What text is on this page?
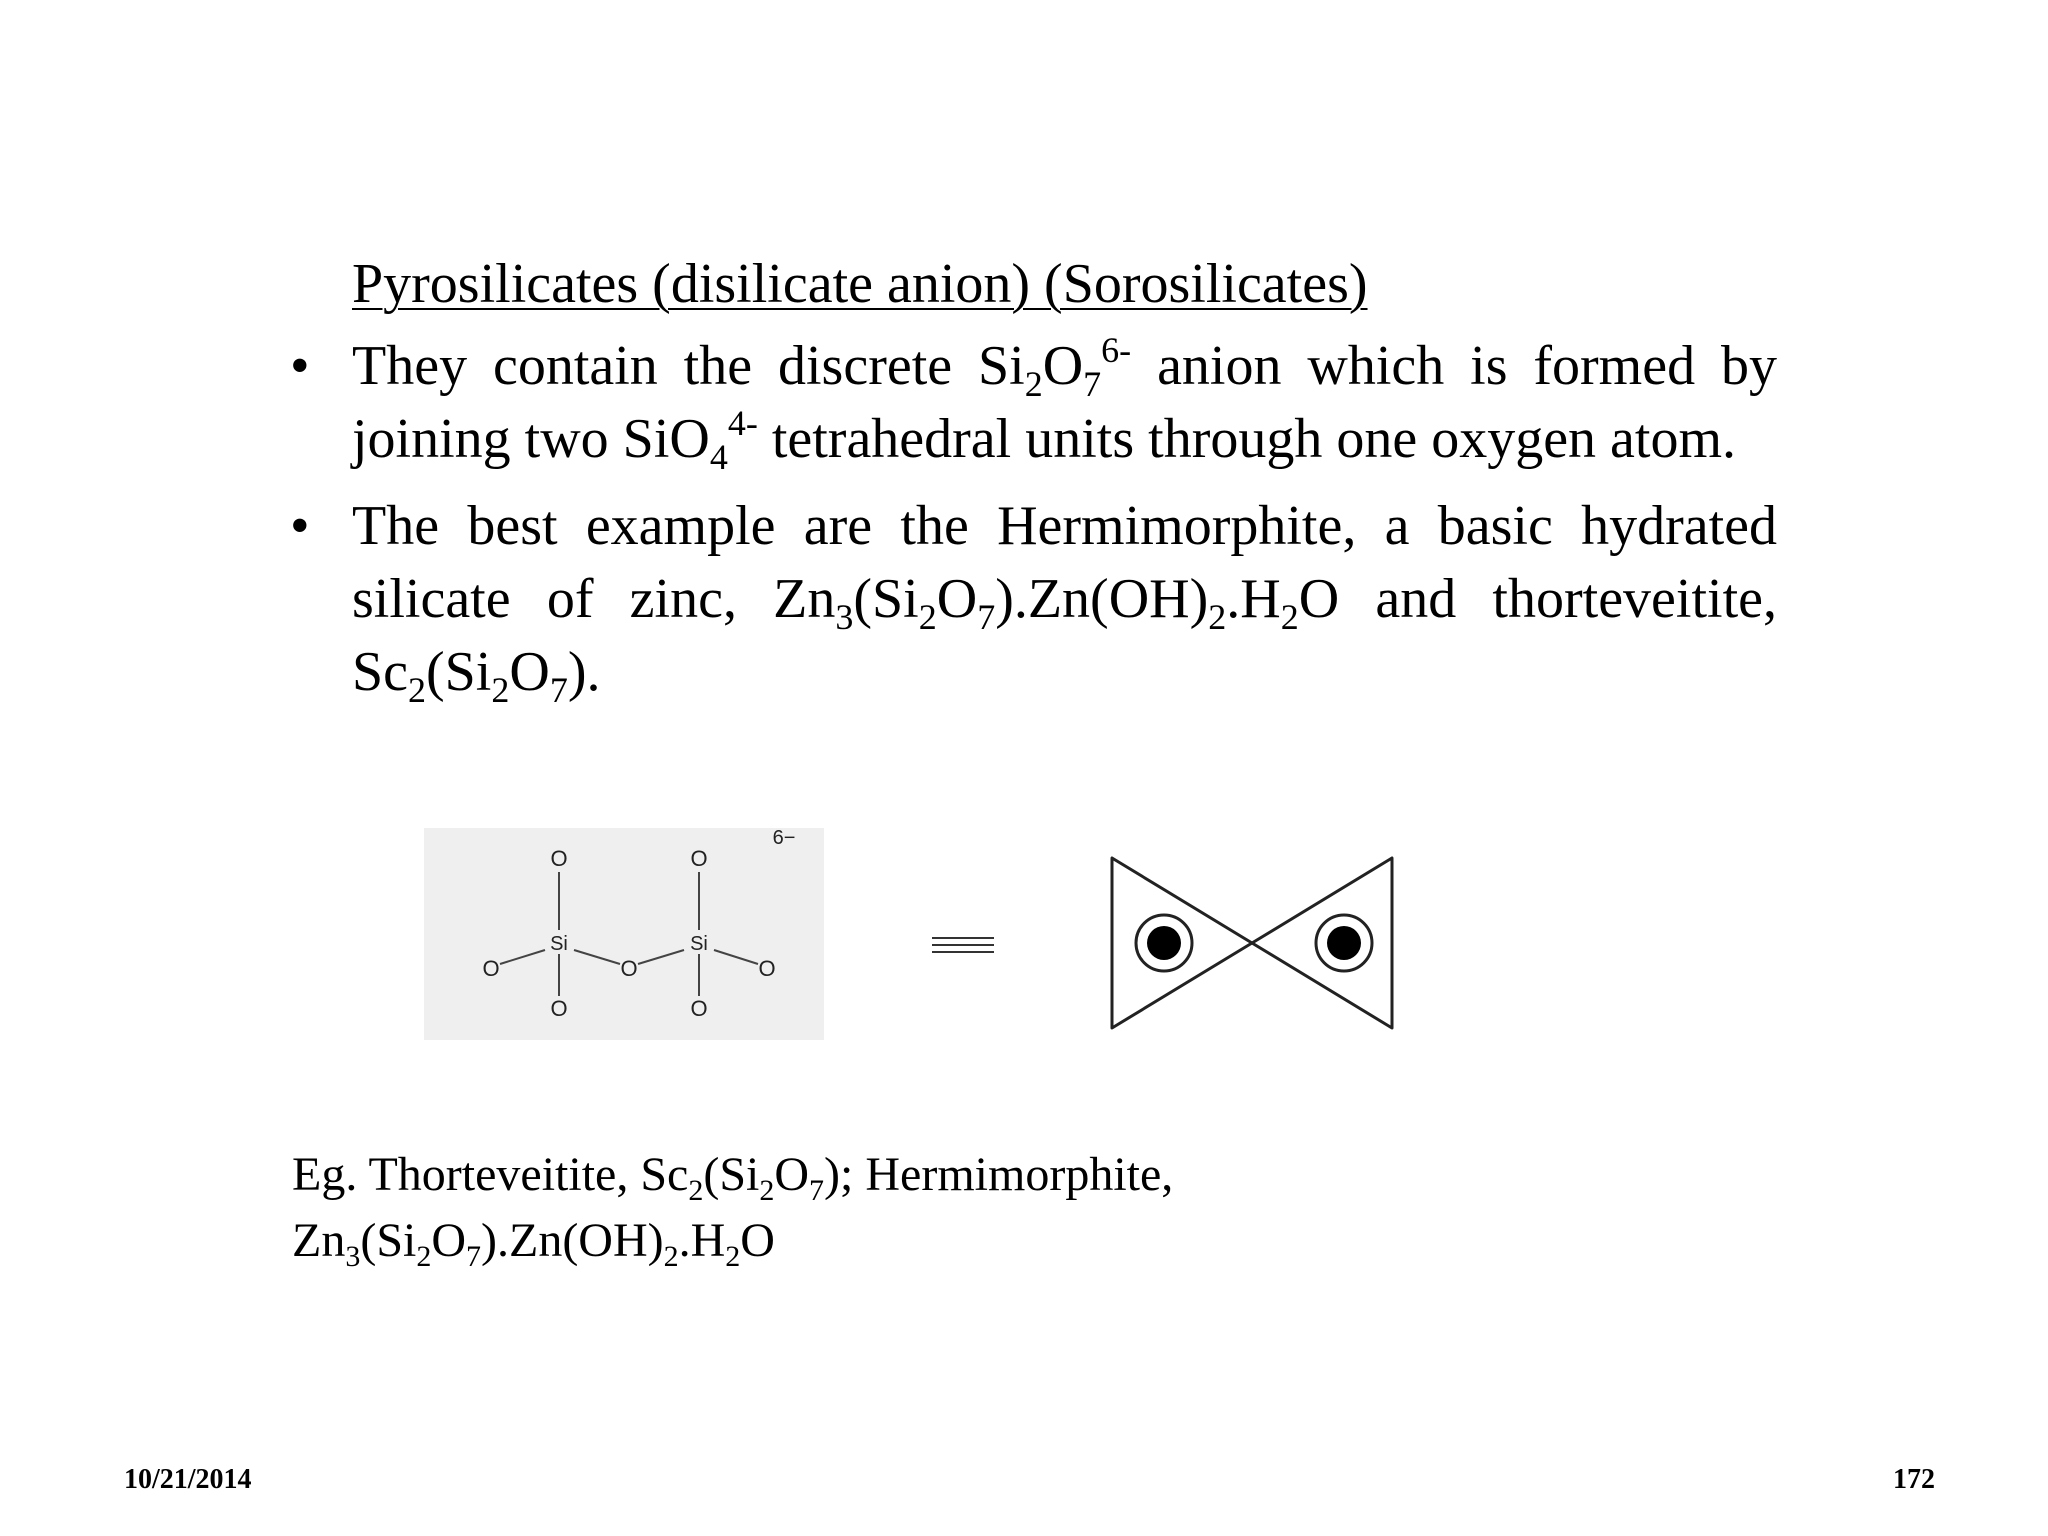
Pyrosilicates (disilicate anion) (Sorosilicates)
• They contain the discrete $Si_2O_7^{6-}$ anion which is formed by joining two SiO$_4^{4-}$ tetrahedral units through one oxygen atom.
• The best example are the Hermimorphite, a basic hydrated silicate of zinc, $Zn_3(Si_2O_7).Zn(OH)_2.H_2O$ and thorteveitite, $Sc_2(Si_2O_7)$.
6−
O
Si
O
O	O
O
Si
O
O
Eg. Thorteveitite, $Sc_2(Si_2O_7)$; Hermimorphite,
$Zn_3(Si_2O_7).Zn(OH)_2.H_2O$
10/21/2014	172
